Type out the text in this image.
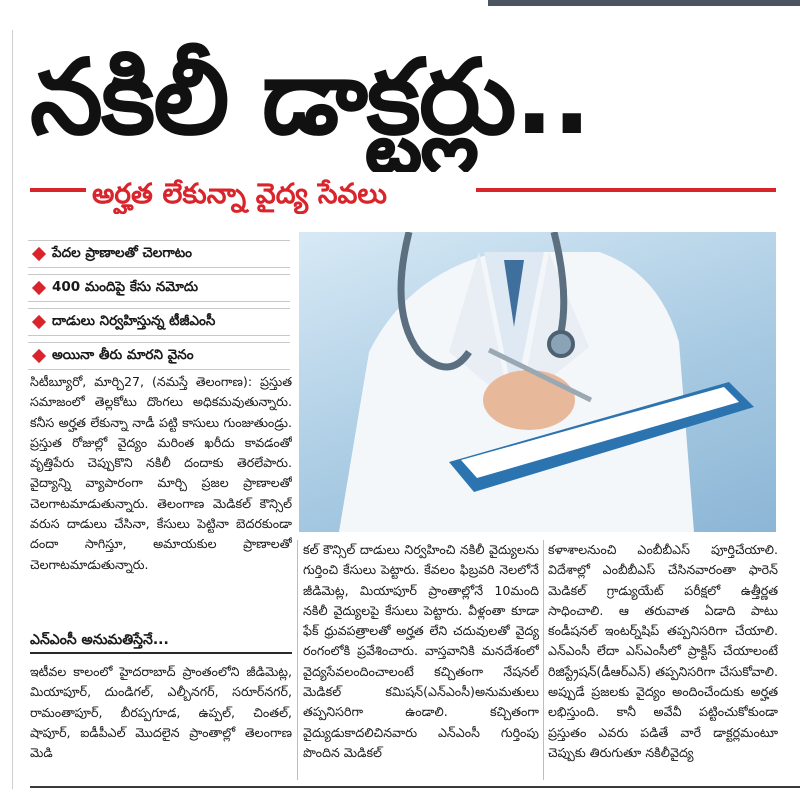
నకిలీ డాక్టర్లు..
అర్హత లేకున్నా వైద్య సేవలు
పేదల ప్రాణాలతో చెలగాటం
400 మందిపై కేసు నమోదు
దాడులు నిర్వహిస్తున్న టీజీఎంసీ
అయినా తీరు మారని వైనం

సిటీబ్యూరో, మార్చి27, (నమస్తే తెలంగాణ): ప్రస్తుత సమాజంలో తెల్లకోటు దొంగలు అధికమవుతున్నారు. కనీస అర్హత లేకున్నా నాడీ పట్టి కాసులు గుంజుతుండ్రు. ప్రస్తుత రోజుల్లో వైద్యం మరింత ఖరీదు కావడంతో వృత్తిపేరు చెప్పుకొని నకిలీ దందాకు తెరలేపారు. వైద్యాన్ని వ్యాపారంగా మార్చి ప్రజల ప్రాణాలతో చెలగాటమాడుతున్నారు. తెలంగాణ మెడికల్ కౌన్సిల్ వరుస దాడులు చేసినా, కేసులు పెట్టినా బెదరకుండా దందా సాగిస్తూ, అమాయకుల ప్రాణాలతో చెలగాటమాడుతున్నారు.

ఎన్ఎంసీ అనుమతిస్తేనే...

ఇటీవల కాలంలో హైదరాబాద్ ప్రాంతంలోని జీడిమెట్ల, మియాపూర్, దుండిగల్, ఎల్బీనగర్, సరూర్‌నగర్, రామంతాపూర్, బీరప్పగూడ, ఉప్పల్, చింతల్, షాపూర్, ఐడీపీఎల్ మొదలైన ప్రాంతాల్లో తెలంగాణ మెడి

కల్ కౌన్సిల్ దాడులు నిర్వహించి నకిలీ వైద్యులను గుర్తించి కేసులు పెట్టారు. కేవలం ఫిబ్రవరి నెలలోనే జీడిమెట్ల, మియాపూర్ ప్రాంతాల్లోనే 10మంది నకిలీ వైద్యులపై కేసులు పెట్టారు. వీళ్లంతా కూడా ఫేక్ ధ్రువపత్రాలతో అర్హత లేని చదువులతో వైద్య రంగంలోకి ప్రవేశించారు. వాస్తవానికి మనదేశంలో వైద్యసేవలందించాలంటే కచ్చితంగా నేషనల్ మెడికల్ కమిషన్(ఎన్ఎంసీ)అనుమతులు తప్పనిసరిగా ఉండాలి. కచ్చితంగా వైద్యుడుకాదలిచినవారు ఎన్ఎంసీ గుర్తింపు పొందిన మెడికల్

కళాశాలనుంచి ఎంబీబీఎస్ పూర్తిచేయాలి. విదేశాల్లో ఎంబీబీఎస్ చేసినవారంతా ఫారెన్ మెడికల్ గ్రాడ్యుయేట్ పరీక్షలో ఉత్తీర్ణత సాధించాలి. ఆ తరువాత ఏడాది పాటు కండీషనల్ ఇంటర్న్‌షిప్ తప్పనిసరిగా చేయాలి. ఎన్ఎంసీ లేదా ఎస్ఎంసీలో ప్రాక్టిస్ చేయాలంటే రిజిస్ట్రేషన్(డీఆర్ఎన్) తప్పనిసరిగా చేసుకోవాలి. అప్పుడే ప్రజలకు వైద్యం అందించేందుకు అర్హత లభిస్తుంది. కానీ అవేవీ పట్టించుకోకుండా ప్రస్తుతం ఎవరు పడితే వారే డాక్టర్లమంటూ చెప్పుకు తిరుగుతూ నకిలీవైద్య
